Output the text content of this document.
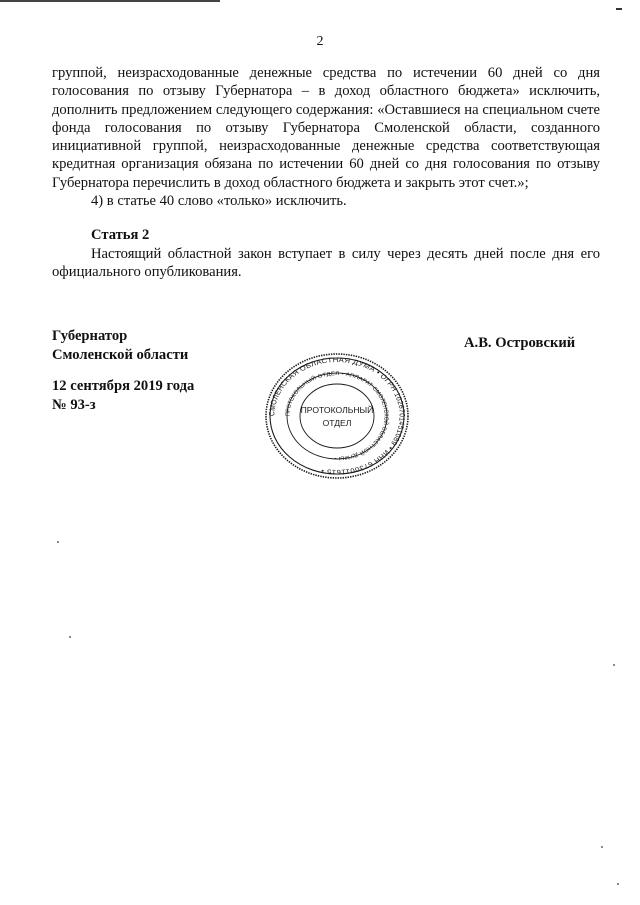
2

группой, неизрасходованные денежные средства по истечении 60 дней со дня голосования по отзыву Губернатора – в доход областного бюджета» исключить, дополнить предложением следующего содержания: «Оставшиеся на специальном счете фонда голосования по отзыву Губернатора Смоленской области, созданного инициативной группой, неизрасходованные денежные средства соответствующая кредитная организация обязана по истечении 60 дней со дня голосования по отзыву Губернатора перечислить в доход областного бюджета и закрыть этот счет.»;

4) в статье 40 слово «только» исключить.

Статья 2

Настоящий областной закон вступает в силу через десять дней после дня его официального опубликования.

Губернатор
Смоленской области
А.В. Островский
12 сентября 2019 года
№ 93-з
СМОЛЕНСКАЯ ОБЛАСТНАЯ ДУМА • ОГРН 1026701451089 • ИНН 6730011615 •
ПРОТОКОЛЬНЫЙ ОТДЕЛ • АППАРАТ СМОЛЕНСКОЙ ОБЛАСТНОЙ ДУМЫ •
ПРОТОКОЛЬНЫЙ
ОТДЕЛ
